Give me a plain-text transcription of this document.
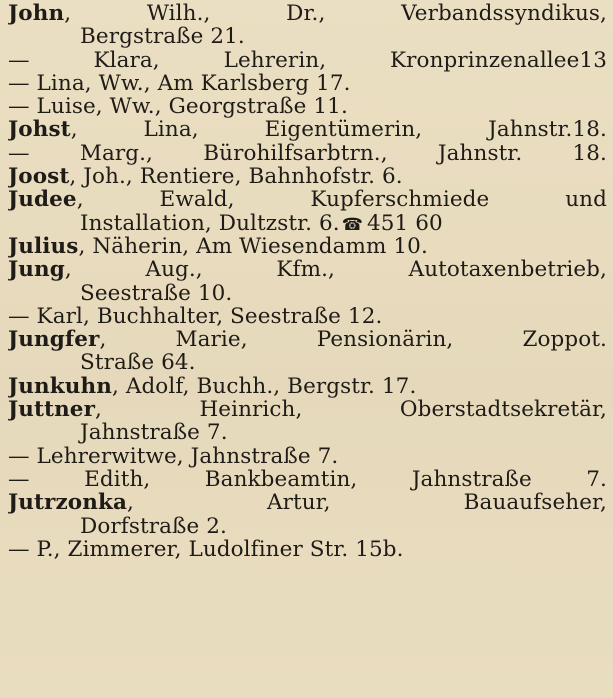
John, Wilh., Dr., Verbandssyndikus,
Bergstraße 21.
— Klara, Lehrerin, Kronprinzenallee13
— Lina, Ww., Am Karlsberg 17.
— Luise, Ww., Georgstraße 11.
Johst, Lina, Eigentümerin, Jahnstr.18.
— Marg., Bürohilfsarbtrn., Jahnstr. 18.
Joost, Joh., Rentiere, Bahnhofstr. 6.
Judee, Ewald, Kupferschmiede und
Installation, Dultzstr. 6. ☎ 451 60
Julius, Näherin, Am Wiesendamm 10.
Jung, Aug., Kfm., Autotaxenbetrieb,
Seestraße 10.
— Karl, Buchhalter, Seestraße 12.
Jungfer, Marie, Pensionärin, Zoppot.
Straße 64.
Junkuhn, Adolf, Buchh., Bergstr. 17.
Juttner, Heinrich, Oberstadtsekretär,
Jahnstraße 7.
— Lehrerwitwe, Jahnstraße 7.
— Edith, Bankbeamtin, Jahnstraße 7.
Jutrzonka, Artur, Bauaufseher,
Dorfstraße 2.
— P., Zimmerer, Ludolfiner Str. 15b.
